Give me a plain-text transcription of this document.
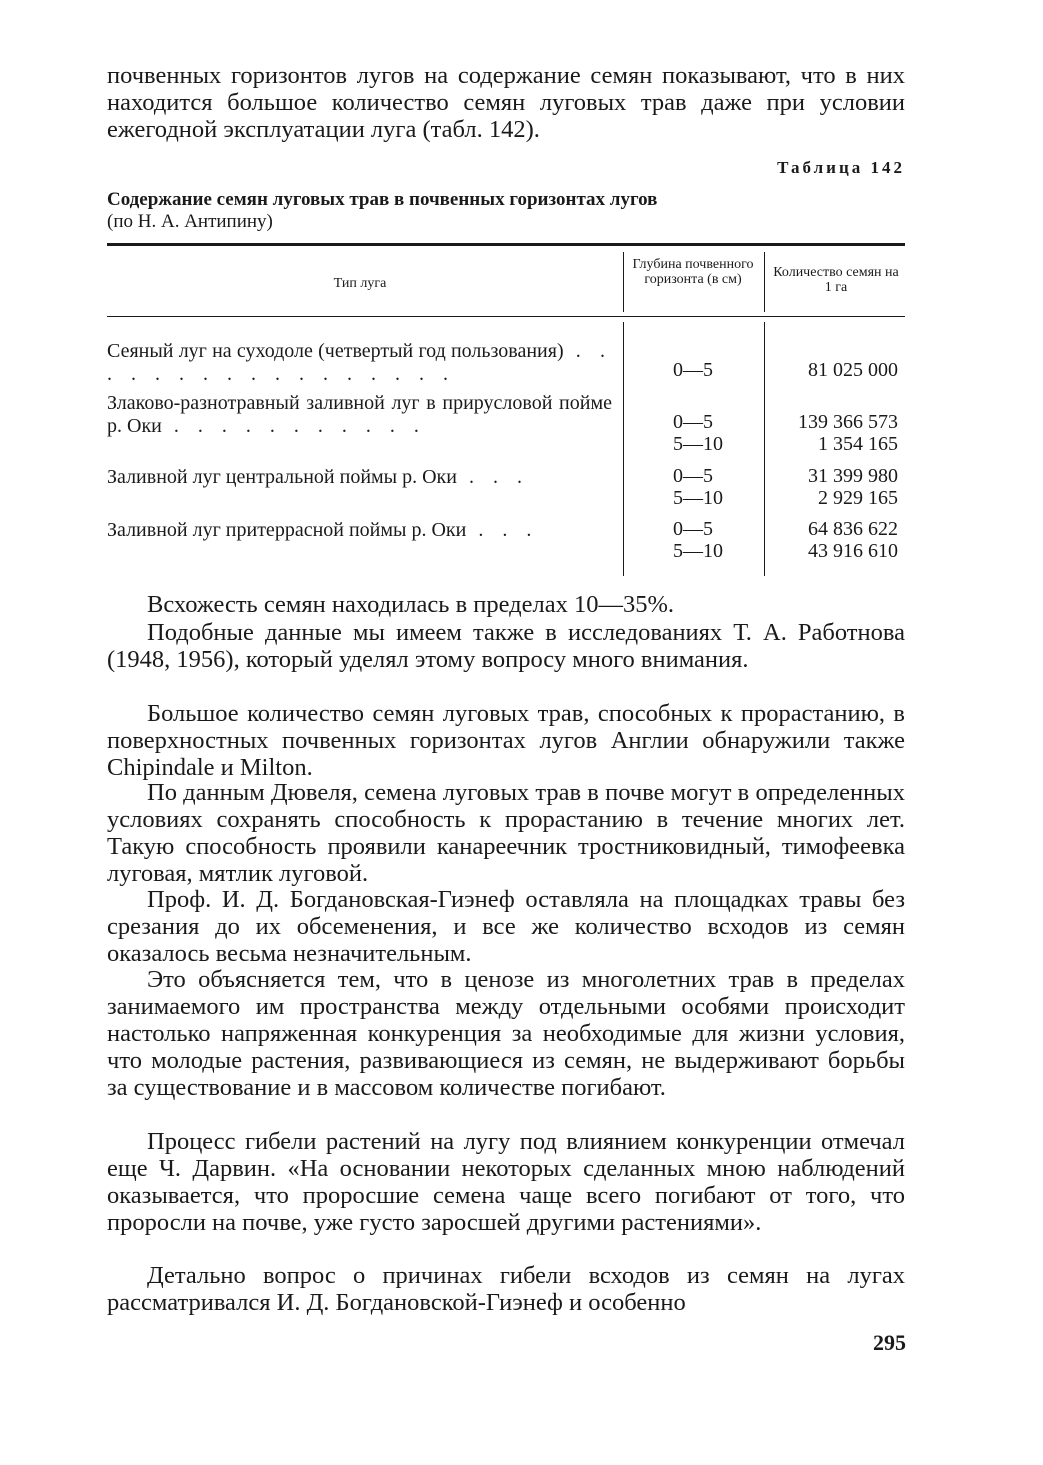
почвенных горизонтов лугов на содержание семян показывают, что в них находится большое количество семян луговых трав даже при условии ежегодной эксплуатации луга (табл. 142).

Таблица 142
Содержание семян луговых трав в почвенных горизонтах лугов
(по Н. А. Антипину)
Тип луга
Глубина почвенного горизонта (в см)	Количество семян на 1 га
Сеяный луг на суходоле (четвертый год пользования) . . . . . . . . . . . . . . . . .	0—5	81 025 000
Злаково-разнотравный заливной луг в прирусловой пойме р. Оки . . . . . . . . . . .	0—5	139 366 573
5—10	1 354 165
Заливной луг центральной поймы р. Оки . . .	0—5	31 399 980
5—10	2 929 165
Заливной луг притеррасной поймы р. Оки . . .	0—5	64 836 622
5—10	43 916 610

Всхожесть семян находилась в пределах 10—35%.

Подобные данные мы имеем также в исследованиях Т. А. Работнова (1948, 1956), который уделял этому вопросу много внимания.

Большое количество семян луговых трав, способных к прорастанию, в поверхностных почвенных горизонтах лугов Англии обнаружили также Chipindale и Milton.

По данным Дювеля, семена луговых трав в почве могут в определенных условиях сохранять способность к прорастанию в течение многих лет. Такую способность проявили канареечник тростниковидный, тимофеевка луговая, мятлик луговой.

Проф. И. Д. Богдановская-Гиэнеф оставляла на площадках травы без срезания до их обсеменения, и все же количество всходов из семян оказалось весьма незначительным.

Это объясняется тем, что в ценозе из многолетних трав в пределах занимаемого им пространства между отдельными особями происходит настолько напряженная конкуренция за необходимые для жизни условия, что молодые растения, развивающиеся из семян, не выдерживают борьбы за существование и в массовом количестве погибают.

Процесс гибели растений на лугу под влиянием конкуренции отмечал еще Ч. Дарвин. «На основании некоторых сделанных мною наблюдений оказывается, что проросшие семена чаще всего погибают от того, что проросли на почве, уже густо заросшей другими растениями».

Детально вопрос о причинах гибели всходов из семян на лугах рассматривался И. Д. Богдановской-Гиэнеф и особенно

295
